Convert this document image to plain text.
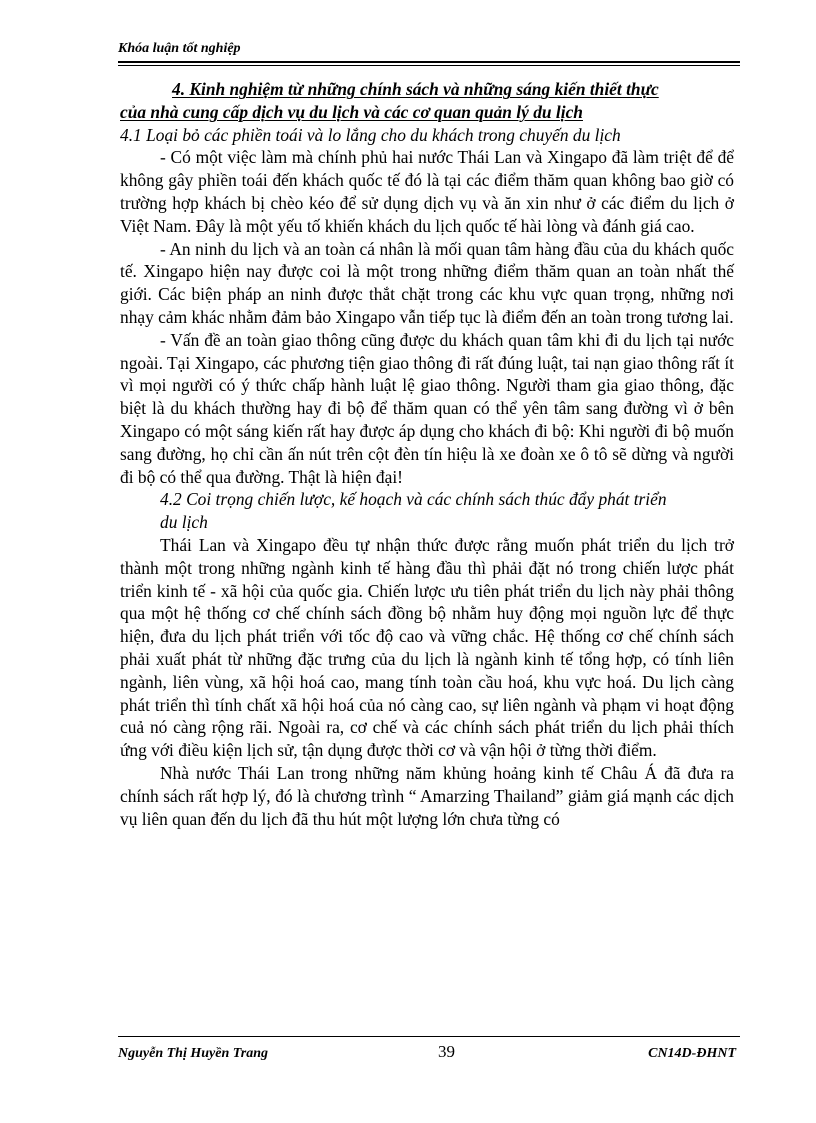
Khóa luận tốt nghiệp

4. Kinh nghiệm từ những chính sách và những sáng kiến thiết thực

của nhà cung cấp dịch vụ du lịch và các cơ quan quản lý du lịch

4.1 Loại bỏ các phiền toái và lo lắng cho du khách trong chuyến du lịch

- Có một việc làm mà chính phủ hai nước Thái Lan và Xingapo đã làm triệt để để không gây phiền toái đến khách quốc tế đó là tại các điểm thăm quan không bao giờ có trường hợp khách bị chèo kéo để sử dụng dịch vụ và ăn xin như ở các điểm du lịch ở Việt Nam. Đây là một yếu tố khiến khách du lịch quốc tế hài lòng và đánh giá cao.

- An ninh du lịch và an toàn cá nhân là mối quan tâm hàng đầu của du khách quốc tế. Xingapo hiện nay được coi là một trong những điểm thăm quan an toàn nhất thế giới. Các biện pháp an ninh được thắt chặt trong các khu vực quan trọng, những nơi nhạy cảm khác nhằm đảm bảo Xingapo vẫn tiếp tục là điểm đến an toàn trong tương lai.

- Vấn đề an toàn giao thông cũng được du khách quan tâm khi đi du lịch tại nước ngoài. Tại Xingapo, các phương tiện giao thông đi rất đúng luật, tai nạn giao thông rất ít vì mọi người có ý thức chấp hành luật lệ giao thông. Người tham gia giao thông, đặc biệt là du khách thường hay đi bộ để thăm quan có thể yên tâm sang đường vì ở bên Xingapo có một sáng kiến rất hay được áp dụng cho khách đi bộ: Khi người đi bộ muốn sang đường, họ chỉ cần ấn nút trên cột đèn tín hiệu là xe đoàn xe ô tô sẽ dừng và người đi bộ có thể qua đường. Thật là hiện đại!

4.2 Coi trọng chiến lược, kế hoạch và các chính sách thúc đẩy phát triển

du lịch

Thái Lan và Xingapo đều tự nhận thức được rằng muốn phát triển du lịch trở thành một trong những ngành kinh tế hàng đầu thì phải đặt nó trong chiến lược phát triển kinh tế - xã hội của quốc gia. Chiến lược ưu tiên phát triển du lịch này phải thông qua một hệ thống cơ chế chính sách đồng bộ nhằm huy động mọi nguồn lực để thực hiện, đưa du lịch phát triển với tốc độ cao và vững chắc. Hệ thống cơ chế chính sách phải xuất phát từ những đặc trưng của du lịch là ngành kinh tế tổng hợp, có tính liên ngành, liên vùng, xã hội hoá cao, mang tính toàn cầu hoá, khu vực hoá. Du lịch càng phát triển thì tính chất xã hội hoá của nó càng cao, sự liên ngành và phạm vi hoạt động cuả nó càng rộng rãi. Ngoài ra, cơ chế và các chính sách phát triển du lịch phải thích ứng với điều kiện lịch sử, tận dụng được thời cơ và vận hội ở từng thời điểm.

Nhà nước Thái Lan trong những năm khủng hoảng kinh tế Châu Á đã đưa ra chính sách rất hợp lý, đó là chương trình “ Amarzing Thailand” giảm giá mạnh các dịch vụ liên quan đến du lịch đã thu hút một lượng lớn chưa từng có

Nguyễn Thị Huyền Trang	39	CN14D-ĐHNT
